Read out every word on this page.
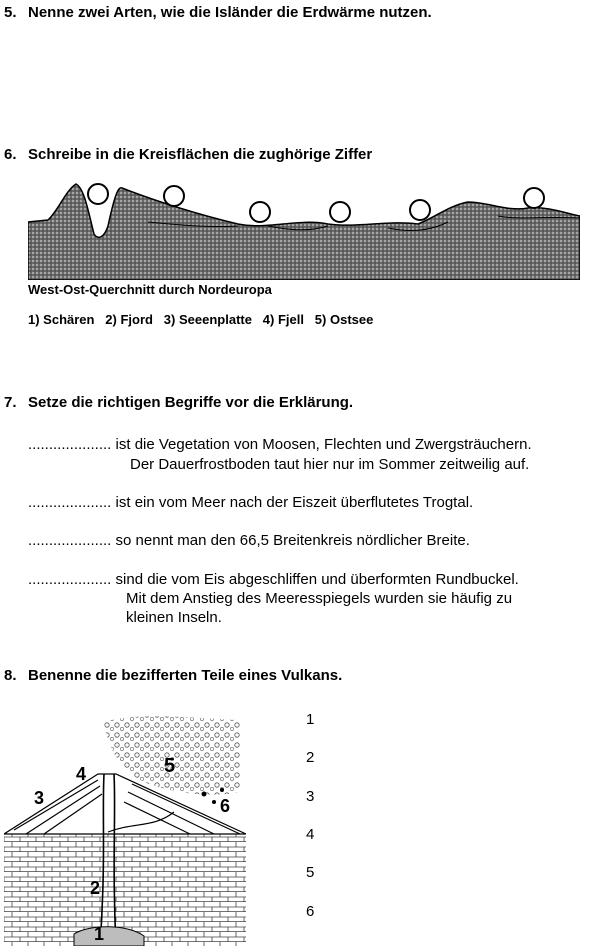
5. Nenne zwei Arten, wie die Isländer die Erdwärme nutzen.
6. Schreibe in die Kreisflächen die zughörige Ziffer
West-Ost-Querchnitt durch Nordeuropa
1) Schären   2) Fjord   3) Seeenplatte   4) Fjell   5) Ostsee
7. Setze die richtigen Begriffe vor die Erklärung.
.................... ist die Vegetation von Moosen, Flechten und Zwergsträuchern.
Der Dauerfrostboden taut hier nur im Sommer zeitweilig auf.
.................... ist ein vom Meer nach der Eiszeit überflutetes Trogtal.
.................... so nennt man den 66,5 Breitenkreis nördlicher Breite.
.................... sind die vom Eis abgeschliffen und überformten Rundbuckel.
Mit dem Anstieg des Meeresspiegels wurden sie häufig zu
kleinen Inseln.
8. Benenne die bezifferten Teile eines Vulkans.
1
2
3
4	5
6
1
2
3
4
5
6
